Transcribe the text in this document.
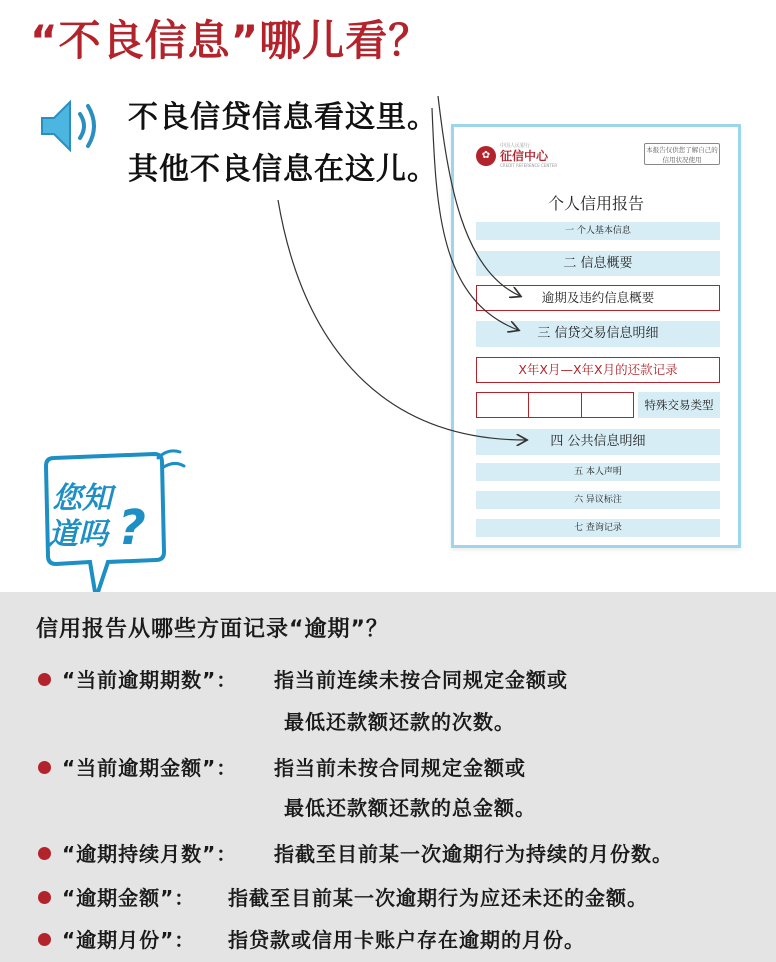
“不良信息”哪儿看？
不良信贷信息看这里。
其他不良信息在这儿。	✿
中国人民银行
征信中心
CREDIT REFERENCE CENTER
本报告仅供您了解自己的信用状况使用
个人信用报告
一 个人基本信息
二 信息概要
逾期及违约信息概要
三 信贷交易信息明细
X年X月—X年X月的还款记录
特殊交易类型
四 公共信息明细
五 本人声明
六 异议标注
七 查询记录
您知
道吗 ?
信用报告从哪些方面记录“逾期”？
“当前逾期期数”： 指当前连续未按合同规定金额或
最低还款额还款的次数。
“当前逾期金额”： 指当前未按合同规定金额或
最低还款额还款的总金额。
“逾期持续月数”： 指截至目前某一次逾期行为持续的月份数。
“逾期金额”： 指截至目前某一次逾期行为应还未还的金额。
“逾期月份”： 指贷款或信用卡账户存在逾期的月份。
